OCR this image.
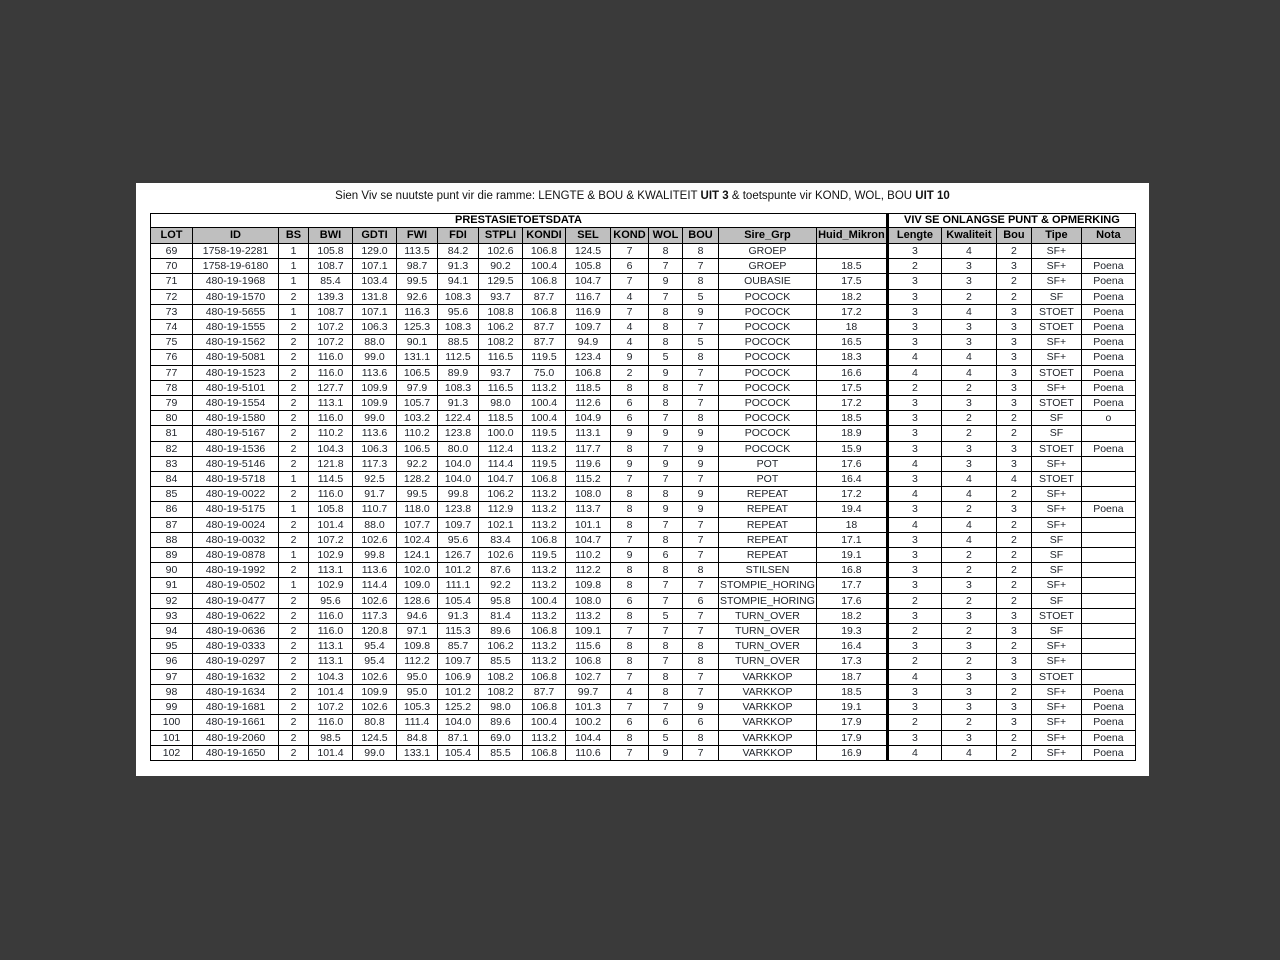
Sien Viv se nuutste punt vir die ramme: LENGTE & BOU & KWALITEIT UIT 3 & toetspunte vir KOND, WOL, BOU UIT 10
PRESTASIETOETSDATA															VIV SE ONLANGSE PUNT & OPMERKING				
LOT	ID	BS	BWI	GDTI	FWI	FDI	STPLI	KONDI	SEL	KOND	WOL	BOU	Sire_Grp	Huid_Mikron	Lengte	Kwaliteit	Bou	Tipe	Nota
69	1758-19-2281	1	105.8	129.0	113.5	84.2	102.6	106.8	124.5	7	8	8	GROEP		3	4	2	SF+	
70	1758-19-6180	1	108.7	107.1	98.7	91.3	90.2	100.4	105.8	6	7	7	GROEP	18.5	2	3	3	SF+	Poena
71	480-19-1968	1	85.4	103.4	99.5	94.1	129.5	106.8	104.7	7	9	8	OUBASIE	17.5	3	3	2	SF+	Poena
72	480-19-1570	2	139.3	131.8	92.6	108.3	93.7	87.7	116.7	4	7	5	POCOCK	18.2	3	2	2	SF	Poena
73	480-19-5655	1	108.7	107.1	116.3	95.6	108.8	106.8	116.9	7	8	9	POCOCK	17.2	3	4	3	STOET	Poena
74	480-19-1555	2	107.2	106.3	125.3	108.3	106.2	87.7	109.7	4	8	7	POCOCK	18	3	3	3	STOET	Poena
75	480-19-1562	2	107.2	88.0	90.1	88.5	108.2	87.7	94.9	4	8	5	POCOCK	16.5	3	3	3	SF+	Poena
76	480-19-5081	2	116.0	99.0	131.1	112.5	116.5	119.5	123.4	9	5	8	POCOCK	18.3	4	4	3	SF+	Poena
77	480-19-1523	2	116.0	113.6	106.5	89.9	93.7	75.0	106.8	2	9	7	POCOCK	16.6	4	4	3	STOET	Poena
78	480-19-5101	2	127.7	109.9	97.9	108.3	116.5	113.2	118.5	8	8	7	POCOCK	17.5	2	2	3	SF+	Poena
79	480-19-1554	2	113.1	109.9	105.7	91.3	98.0	100.4	112.6	6	8	7	POCOCK	17.2	3	3	3	STOET	Poena
80	480-19-1580	2	116.0	99.0	103.2	122.4	118.5	100.4	104.9	6	7	8	POCOCK	18.5	3	2	2	SF	o
81	480-19-5167	2	110.2	113.6	110.2	123.8	100.0	119.5	113.1	9	9	9	POCOCK	18.9	3	2	2	SF	
82	480-19-1536	2	104.3	106.3	106.5	80.0	112.4	113.2	117.7	8	7	9	POCOCK	15.9	3	3	3	STOET	Poena
83	480-19-5146	2	121.8	117.3	92.2	104.0	114.4	119.5	119.6	9	9	9	POT	17.6	4	3	3	SF+	
84	480-19-5718	1	114.5	92.5	128.2	104.0	104.7	106.8	115.2	7	7	7	POT	16.4	3	4	4	STOET	
85	480-19-0022	2	116.0	91.7	99.5	99.8	106.2	113.2	108.0	8	8	9	REPEAT	17.2	4	4	2	SF+	
86	480-19-5175	1	105.8	110.7	118.0	123.8	112.9	113.2	113.7	8	9	9	REPEAT	19.4	3	2	3	SF+	Poena
87	480-19-0024	2	101.4	88.0	107.7	109.7	102.1	113.2	101.1	8	7	7	REPEAT	18	4	4	2	SF+	
88	480-19-0032	2	107.2	102.6	102.4	95.6	83.4	106.8	104.7	7	8	7	REPEAT	17.1	3	4	2	SF	
89	480-19-0878	1	102.9	99.8	124.1	126.7	102.6	119.5	110.2	9	6	7	REPEAT	19.1	3	2	2	SF	
90	480-19-1992	2	113.1	113.6	102.0	101.2	87.6	113.2	112.2	8	8	8	STILSEN	16.8	3	2	2	SF	
91	480-19-0502	1	102.9	114.4	109.0	111.1	92.2	113.2	109.8	8	7	7	STOMPIE_HORING	17.7	3	3	2	SF+	
92	480-19-0477	2	95.6	102.6	128.6	105.4	95.8	100.4	108.0	6	7	6	STOMPIE_HORING	17.6	2	2	2	SF	
93	480-19-0622	2	116.0	117.3	94.6	91.3	81.4	113.2	113.2	8	5	7	TURN_OVER	18.2	3	3	3	STOET	
94	480-19-0636	2	116.0	120.8	97.1	115.3	89.6	106.8	109.1	7	7	7	TURN_OVER	19.3	2	2	3	SF	
95	480-19-0333	2	113.1	95.4	109.8	85.7	106.2	113.2	115.6	8	8	8	TURN_OVER	16.4	3	3	2	SF+	
96	480-19-0297	2	113.1	95.4	112.2	109.7	85.5	113.2	106.8	8	7	8	TURN_OVER	17.3	2	2	3	SF+	
97	480-19-1632	2	104.3	102.6	95.0	106.9	108.2	106.8	102.7	7	8	7	VARKKOP	18.7	4	3	3	STOET	
98	480-19-1634	2	101.4	109.9	95.0	101.2	108.2	87.7	99.7	4	8	7	VARKKOP	18.5	3	3	2	SF+	Poena
99	480-19-1681	2	107.2	102.6	105.3	125.2	98.0	106.8	101.3	7	7	9	VARKKOP	19.1	3	3	3	SF+	Poena
100	480-19-1661	2	116.0	80.8	111.4	104.0	89.6	100.4	100.2	6	6	6	VARKKOP	17.9	2	2	3	SF+	Poena
101	480-19-2060	2	98.5	124.5	84.8	87.1	69.0	113.2	104.4	8	5	8	VARKKOP	17.9	3	3	2	SF+	Poena
102	480-19-1650	2	101.4	99.0	133.1	105.4	85.5	106.8	110.6	7	9	7	VARKKOP	16.9	4	4	2	SF+	Poena
